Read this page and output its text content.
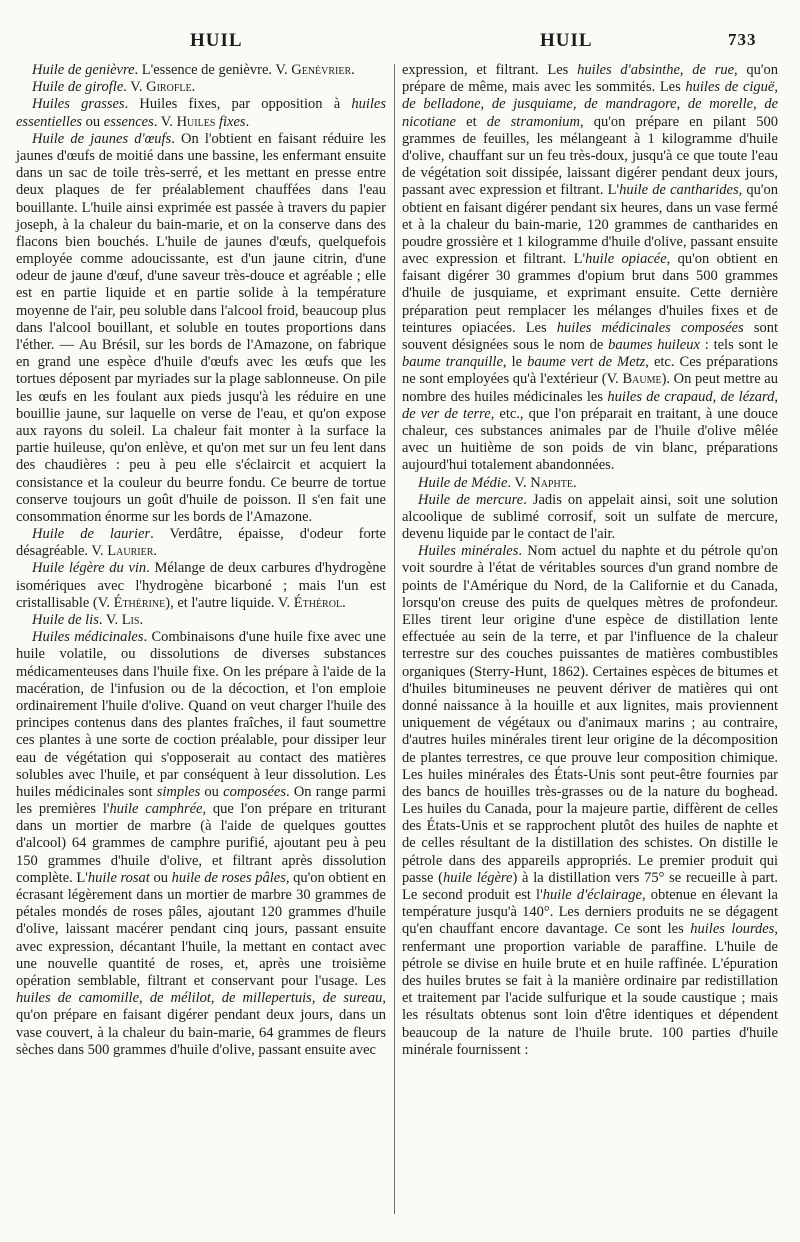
HUIL	HUIL	733

Huile de genièvre. L'essence de genièvre. V. Genévrier.

Huile de girofle. V. Girofle.

Huiles grasses. Huiles fixes, par opposition à huiles essentielles ou essences. V. Huiles fixes.

Huile de jaunes d'œufs. On l'obtient en faisant réduire les jaunes d'œufs de moitié dans une bassine, les enfermant ensuite dans un sac de toile très-serré, et les mettant en presse entre deux plaques de fer préalablement chauffées dans l'eau bouillante. L'huile ainsi exprimée est passée à travers du papier joseph, à la chaleur du bain-marie, et on la conserve dans des flacons bien bouchés. L'huile de jaunes d'œufs, quelquefois employée comme adoucissante, est d'un jaune citrin, d'une odeur de jaune d'œuf, d'une saveur très-douce et agréable ; elle est en partie liquide et en partie solide à la température moyenne de l'air, peu soluble dans l'alcool froid, beaucoup plus dans l'alcool bouillant, et soluble en toutes proportions dans l'éther. — Au Brésil, sur les bords de l'Amazone, on fabrique en grand une espèce d'huile d'œufs avec les œufs que les tortues déposent par myriades sur la plage sablonneuse. On pile les œufs en les foulant aux pieds jusqu'à les réduire en une bouillie jaune, sur laquelle on verse de l'eau, et qu'on expose aux rayons du soleil. La chaleur fait monter à la surface la partie huileuse, qu'on enlève, et qu'on met sur un feu lent dans des chaudières : peu à peu elle s'éclaircit et acquiert la consistance et la couleur du beurre fondu. Ce beurre de tortue conserve toujours un goût d'huile de poisson. Il s'en fait une consommation énorme sur les bords de l'Amazone.

Huile de laurier. Verdâtre, épaisse, d'odeur forte désagréable. V. Laurier.

Huile légère du vin. Mélange de deux carbures d'hydrogène isomériques avec l'hydrogène bicarboné ; mais l'un est cristallisable (V. Éthérine), et l'autre liquide. V. Éthérol.

Huile de lis. V. Lis.

Huiles médicinales. Combinaisons d'une huile fixe avec une huile volatile, ou dissolutions de diverses substances médicamenteuses dans l'huile fixe. On les prépare à l'aide de la macération, de l'infusion ou de la décoction, et l'on emploie ordinairement l'huile d'olive. Quand on veut charger l'huile des principes contenus dans des plantes fraîches, il faut soumettre ces plantes à une sorte de coction préalable, pour dissiper leur eau de végétation qui s'opposerait au contact des matières solubles avec l'huile, et par conséquent à leur dissolution. Les huiles médicinales sont simples ou composées. On range parmi les premières l'huile camphrée, que l'on prépare en triturant dans un mortier de marbre (à l'aide de quelques gouttes d'alcool) 64 grammes de camphre purifié, ajoutant peu à peu 150 grammes d'huile d'olive, et filtrant après dissolution complète. L'huile rosat ou huile de roses pâles, qu'on obtient en écrasant légèrement dans un mortier de marbre 30 grammes de pétales mondés de roses pâles, ajoutant 120 grammes d'huile d'olive, laissant macérer pendant cinq jours, passant ensuite avec expression, décantant l'huile, la mettant en contact avec une nouvelle quantité de roses, et, après une troisième opération semblable, filtrant et conservant pour l'usage. Les huiles de camomille, de mélilot, de millepertuis, de sureau, qu'on prépare en faisant digérer pendant deux jours, dans un vase couvert, à la chaleur du bain-marie, 64 grammes de fleurs sèches dans 500 grammes d'huile d'olive, passant ensuite avec

expression, et filtrant. Les huiles d'absinthe, de rue, qu'on prépare de même, mais avec les sommités. Les huiles de ciguë, de belladone, de jusquiame, de mandragore, de morelle, de nicotiane et de stramonium, qu'on prépare en pilant 500 grammes de feuilles, les mélangeant à 1 kilogramme d'huile d'olive, chauffant sur un feu très-doux, jusqu'à ce que toute l'eau de végétation soit dissipée, laissant digérer pendant deux jours, passant avec expression et filtrant. L'huile de cantharides, qu'on obtient en faisant digérer pendant six heures, dans un vase fermé et à la chaleur du bain-marie, 120 grammes de cantharides en poudre grossière et 1 kilogramme d'huile d'olive, passant ensuite avec expression et filtrant. L'huile opiacée, qu'on obtient en faisant digérer 30 grammes d'opium brut dans 500 grammes d'huile de jusquiame, et exprimant ensuite. Cette dernière préparation peut remplacer les mélanges d'huiles fixes et de teintures opiacées. Les huiles médicinales composées sont souvent désignées sous le nom de baumes huileux : tels sont le baume tranquille, le baume vert de Metz, etc. Ces préparations ne sont employées qu'à l'extérieur (V. Baume). On peut mettre au nombre des huiles médicinales les huiles de crapaud, de lézard, de ver de terre, etc., que l'on préparait en traitant, à une douce chaleur, ces substances animales par de l'huile d'olive mêlée avec un huitième de son poids de vin blanc, préparations aujourd'hui totalement abandonnées.

Huile de Médie. V. Naphte.

Huile de mercure. Jadis on appelait ainsi, soit une solution alcoolique de sublimé corrosif, soit un sulfate de mercure, devenu liquide par le contact de l'air.

Huiles minérales. Nom actuel du naphte et du pétrole qu'on voit sourdre à l'état de véritables sources d'un grand nombre de points de l'Amérique du Nord, de la Californie et du Canada, lorsqu'on creuse des puits de quelques mètres de profondeur. Elles tirent leur origine d'une espèce de distillation lente effectuée au sein de la terre, et par l'influence de la chaleur terrestre sur des couches puissantes de matières combustibles organiques (Sterry-Hunt, 1862). Certaines espèces de bitumes et d'huiles bitumineuses ne peuvent dériver de matières qui ont donné naissance à la houille et aux lignites, mais proviennent uniquement de végétaux ou d'animaux marins ; au contraire, d'autres huiles minérales tirent leur origine de la décomposition de plantes terrestres, ce que prouve leur composition chimique. Les huiles minérales des États-Unis sont peut-être fournies par des bancs de houilles très-grasses ou de la nature du boghead. Les huiles du Canada, pour la majeure partie, diffèrent de celles des États-Unis et se rapprochent plutôt des huiles de naphte et de celles résultant de la distillation des schistes. On distille le pétrole dans des appareils appropriés. Le premier produit qui passe (huile légère) à la distillation vers 75° se recueille à part. Le second produit est l'huile d'éclairage, obtenue en élevant la température jusqu'à 140°. Les derniers produits ne se dégagent qu'en chauffant encore davantage. Ce sont les huiles lourdes, renfermant une proportion variable de paraffine. L'huile de pétrole se divise en huile brute et en huile raffinée. L'épuration des huiles brutes se fait à la manière ordinaire par redistillation et traitement par l'acide sulfurique et la soude caustique ; mais les résultats obtenus sont loin d'être identiques et dépendent beaucoup de la nature de l'huile brute. 100 parties d'huile minérale fournissent :
